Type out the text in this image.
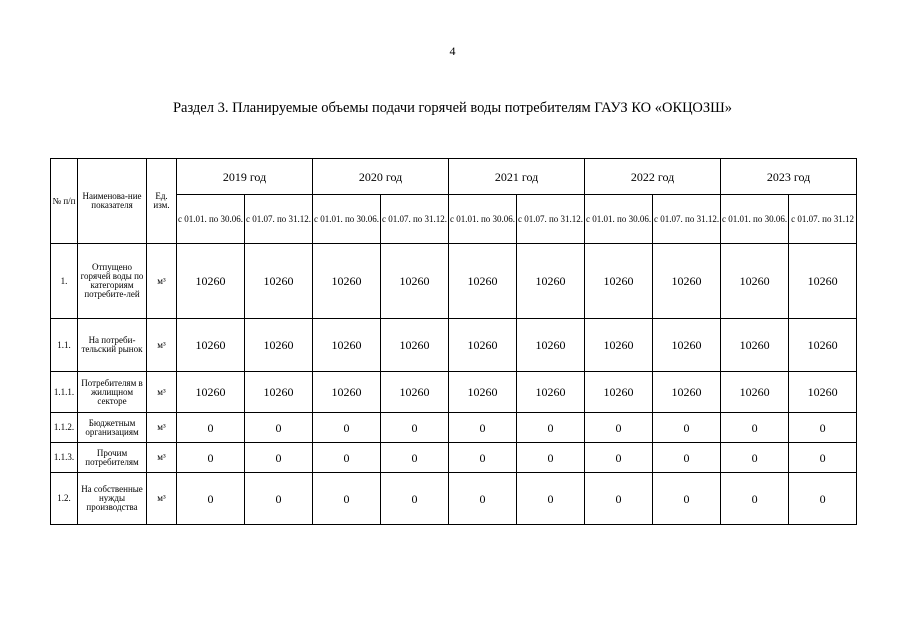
4
Раздел 3. Планируемые объемы подачи горячей воды потребителям ГАУЗ КО «ОКЦОЗШ»
№ п/п	Наименова-ние показателя	Ед. изм.	2019 год		2020 год		2021 год		2022 год		2023 год	
			с 01.01. по 30.06.	с 01.07. по 31.12.	с 01.01. по 30.06.	с 01.07. по 31.12.	с 01.01. по 30.06.	с 01.07. по 31.12.	с 01.01. по 30.06.	с 01.07. по 31.12.	с 01.01. по 30.06.	с 01.07. по 31.12
1.	Отпущено горячей воды по категориям потребите-лей	м³	10260	10260	10260	10260	10260	10260	10260	10260	10260	10260
1.1.	На потреби-тельский рынок	м³	10260	10260	10260	10260	10260	10260	10260	10260	10260	10260
1.1.1.	Потребителям в жилищном секторе	м³	10260	10260	10260	10260	10260	10260	10260	10260	10260	10260
1.1.2.	Бюджетным организациям	м³	0	0	0	0	0	0	0	0	0	0
1.1.3.	Прочим потребителям	м³	0	0	0	0	0	0	0	0	0	0
1.2.	На собственные нужды производства	м³	0	0	0	0	0	0	0	0	0	0
